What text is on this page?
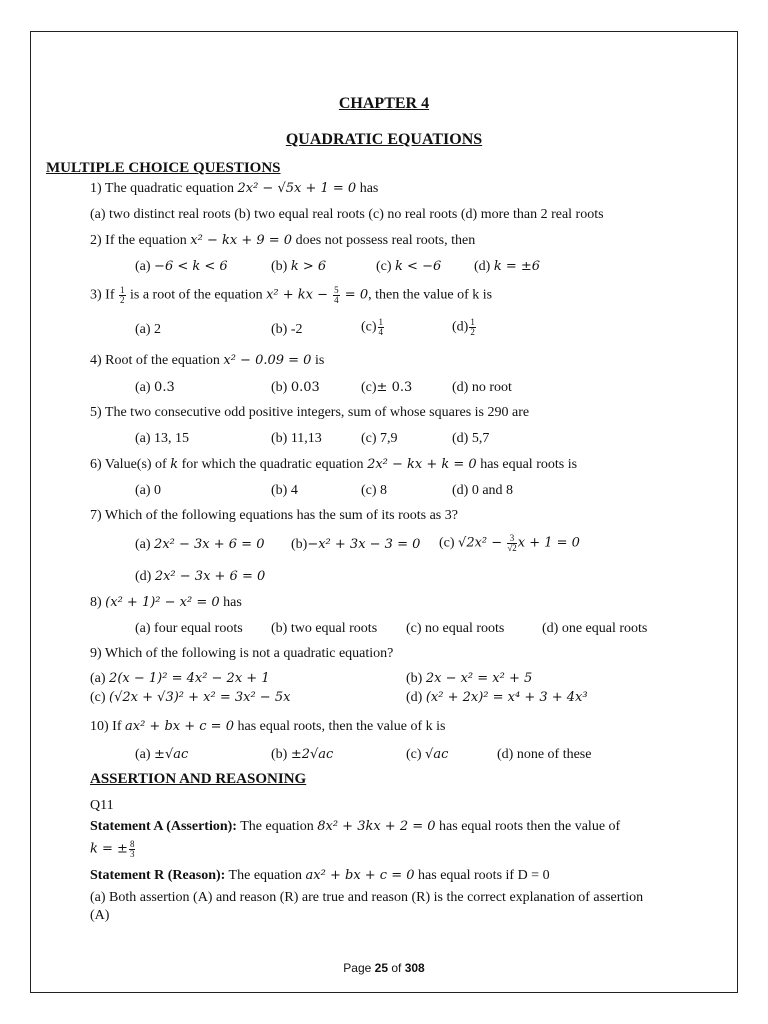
CHAPTER 4
QUADRATIC EQUATIONS
MULTIPLE CHOICE QUESTIONS
1) The quadratic equation 2x² − √5x + 1 = 0 has
(a) two distinct real roots (b) two equal real roots (c) no real roots (d) more than 2 real roots
2) If the equation x² − kx + 9 = 0 does not possess real roots, then
(a) −6 < k < 6	(b) k > 6	(c) k < −6 (d) k = ±6
3) If $\frac{1}{2}$ is a root of the equation x² + kx − $\frac{5}{4} = 0$, then the value of k is
(a) 2	(b) -2	$(c) \frac{1}{4}$	$(d) \frac{1}{2}$
4) Root of the equation x² − 0.09 = 0 is
(a) 0.3	(b) 0.03	(c)± 0.3	(d) no root
5) The two consecutive odd positive integers, sum of whose squares is 290 are
(a) 13, 15	(b) 11,13	(c) 7,9	(d) 5,7
6) Value(s) of k for which the quadratic equation 2x² − kx + k = 0 has equal roots is
(a) 0	(b) 4	(c) 8	(d) 0 and 8
7) Which of the following equations has the sum of its roots as 3?
(a) 2x² − 3x + 6 = 0 (b)−x² + 3x − 3 = 0 (c) $√2x^2 - \frac{3}{√2}$ x + 1 = 0
(d) 2x² − 3x + 6 = 0
8) (x² + 1)² − x² = 0 has
(a) four equal roots (b) two equal roots (c) no equal roots	(d) one equal roots
9) Which of the following is not a quadratic equation?
(a) 2(x − 1)² = 4x² − 2x + 1	(b) 2x − x² = x² + 5
(c) (√2x + √3)² + x² = 3x² − 5x	(d) (x² + 2x)² = x⁴ + 3 + 4x³
10) If ax² + bx + c = 0 has equal roots, then the value of k is
(a) ±√ac	(b) ±2√ac	(c) √ac	(d) none of these
ASSERTION AND REASONING
Q11
Statement A (Assertion): The equation 8x² + 3kx + 2 = 0 has equal roots then the value of
k = ± $\frac{8}{3}$
Statement R (Reason): The equation ax² + bx + c = 0 has equal roots if D = 0
(a) Both assertion (A) and reason (R) are true and reason (R) is the correct explanation of assertion (A)
Page 25 of 308
